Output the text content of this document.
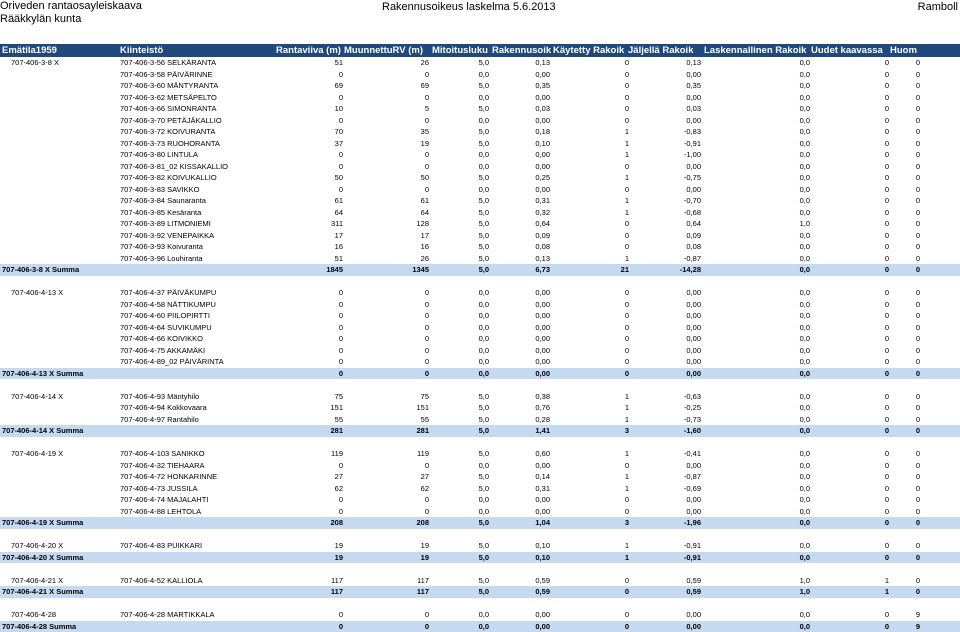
Oriveden rantaosayleiskaava
Rääkkylän kunta
Rakennusoikeus laskelma 5.6.2013	Ramboll
Emätila1959	Kiinteistö	Rantaviiva (m) MuunnettuRV (m) Mitoitusluku Rakennusoik Käytetty Rakoik Jäljellä Rakoik Laskennallinen Rakoik Uudet kaavassa Huom
707-406-3-8 X	707-406-3-56 SELKÄRANTA	51	26	5,0	0,13	0	0,13	0,0	0	0
707-406-3-58 PÄIVÄRINNE	0	0	0,0	0,00	0	0,00	0,0	0	0
707-406-3-60 MÄNTYRANTA	69	69	5,0	0,35	0	0,35	0,0	0	0
707-406-3-62 METSÄPELTO	0	0	0,0	0,00	0	0,00	0,0	0	0
707-406-3-66 SIMONRANTA	10	5	5,0	0,03	0	0,03	0,0	0	0
707-406-3-70 PETÄJÄKALLIO	0	0	0,0	0,00	0	0,00	0,0	0	0
707-406-3-72 KOIVURANTA	70	35	5,0	0,18	1	-0,83	0,0	0	0
707-406-3-73 RUOHORANTA	37	19	5,0	0,10	1	-0,91	0,0	0	0
707-406-3-80 LINTULA	0	0	0,0	0,00	1	-1,00	0,0	0	0
707-406-3-81_02 KISSAKALLIO	0	0	0,0	0,00	0	0,00	0,0	0	0
707-406-3-82 KOIVUKALLIO	50	50	5,0	0,25	1	-0,75	0,0	0	0
707-406-3-83 SAVIKKO	0	0	0,0	0,00	0	0,00	0,0	0	0
707-406-3-84 Saunaranta	61	61	5,0	0,31	1	-0,70	0,0	0	0
707-406-3-85 Kesäranta	64	64	5,0	0,32	1	-0,68	0,0	0	0
707-406-3-89 LITMONIEMI	311	128	5,0	0,64	0	0,64	1,0	0	0
707-406-3-92 VENEPAIKKA	17	17	5,0	0,09	0	0,09	0,0	0	0
707-406-3-93 Koivuranta	16	16	5,0	0,08	0	0,08	0,0	0	0
707-406-3-96 Louhiranta	51	26	5,0	0,13	1	-0,87	0,0	0	0
707-406-3-8 X Summa	1845	1345	5,0	6,73	21	-14,28	0,0	0	0
707-406-4-13 X	707-406-4-37 PÄIVÄKUMPU	0	0	0,0	0,00	0	0,00	0,0	0	0
707-406-4-58 NÄTTIKUMPU	0	0	0,0	0,00	0	0,00	0,0	0	0
707-406-4-60 PIILOPIRTTI	0	0	0,0	0,00	0	0,00	0,0	0	0
707-406-4-64 SUVIKUMPU	0	0	0,0	0,00	0	0,00	0,0	0	0
707-406-4-66 KOIVIKKO	0	0	0,0	0,00	0	0,00	0,0	0	0
707-406-4-75 AKKAMÄKI	0	0	0,0	0,00	0	0,00	0,0	0	0
707-406-4-89_02 PÄIVÄRINTA	0	0	0,0	0,00	0	0,00	0,0	0	0
707-406-4-13 X Summa	0	0	0,0	0,00	0	0,00	0,0	0	0
707-406-4-14 X	707-406-4-93 Mäntyhilo	75	75	5,0	0,38	1	-0,63	0,0	0	0
707-406-4-94 Kokkovaara	151	151	5,0	0,76	1	-0,25	0,0	0	0
707-406-4-97 Rantahilo	55	55	5,0	0,28	1	-0,73	0,0	0	0
707-406-4-14 X Summa	281	281	5,0	1,41	3	-1,60	0,0	0	0
707-406-4-19 X	707-406-4-103 SANIKKO	119	119	5,0	0,60	1	-0,41	0,0	0	0
707-406-4-32 TIEHAARA	0	0	0,0	0,00	0	0,00	0,0	0	0
707-406-4-72 HONKARINNE	27	27	5,0	0,14	1	-0,87	0,0	0	0
707-406-4-73 JUSSILA	62	62	5,0	0,31	1	-0,69	0,0	0	0
707-406-4-74 MAJALAHTI	0	0	0,0	0,00	0	0,00	0,0	0	0
707-406-4-88 LEHTOLA	0	0	0,0	0,00	0	0,00	0,0	0	0
707-406-4-19 X Summa	208	208	5,0	1,04	3	-1,96	0,0	0	0
707-406-4-20 X	707-406-4-83 PUIKKARI	19	19	5,0	0,10	1	-0,91	0,0	0	0
707-406-4-20 X Summa	19	19	5,0	0,10	1	-0,91	0,0	0	0
707-406-4-21 X	707-406-4-52 KALLIOLA	117	117	5,0	0,59	0	0,59	1,0	1	0
707-406-4-21 X Summa	117	117	5,0	0,59	0	0,59	1,0	1	0
707-406-4-28	707-406-4-28 MARTIKKALA	0	0	0,0	0,00	0	0,00	0,0	0	9
707-406-4-28 Summa	0	0	0,0	0,00	0	0,00	0,0	0	9
